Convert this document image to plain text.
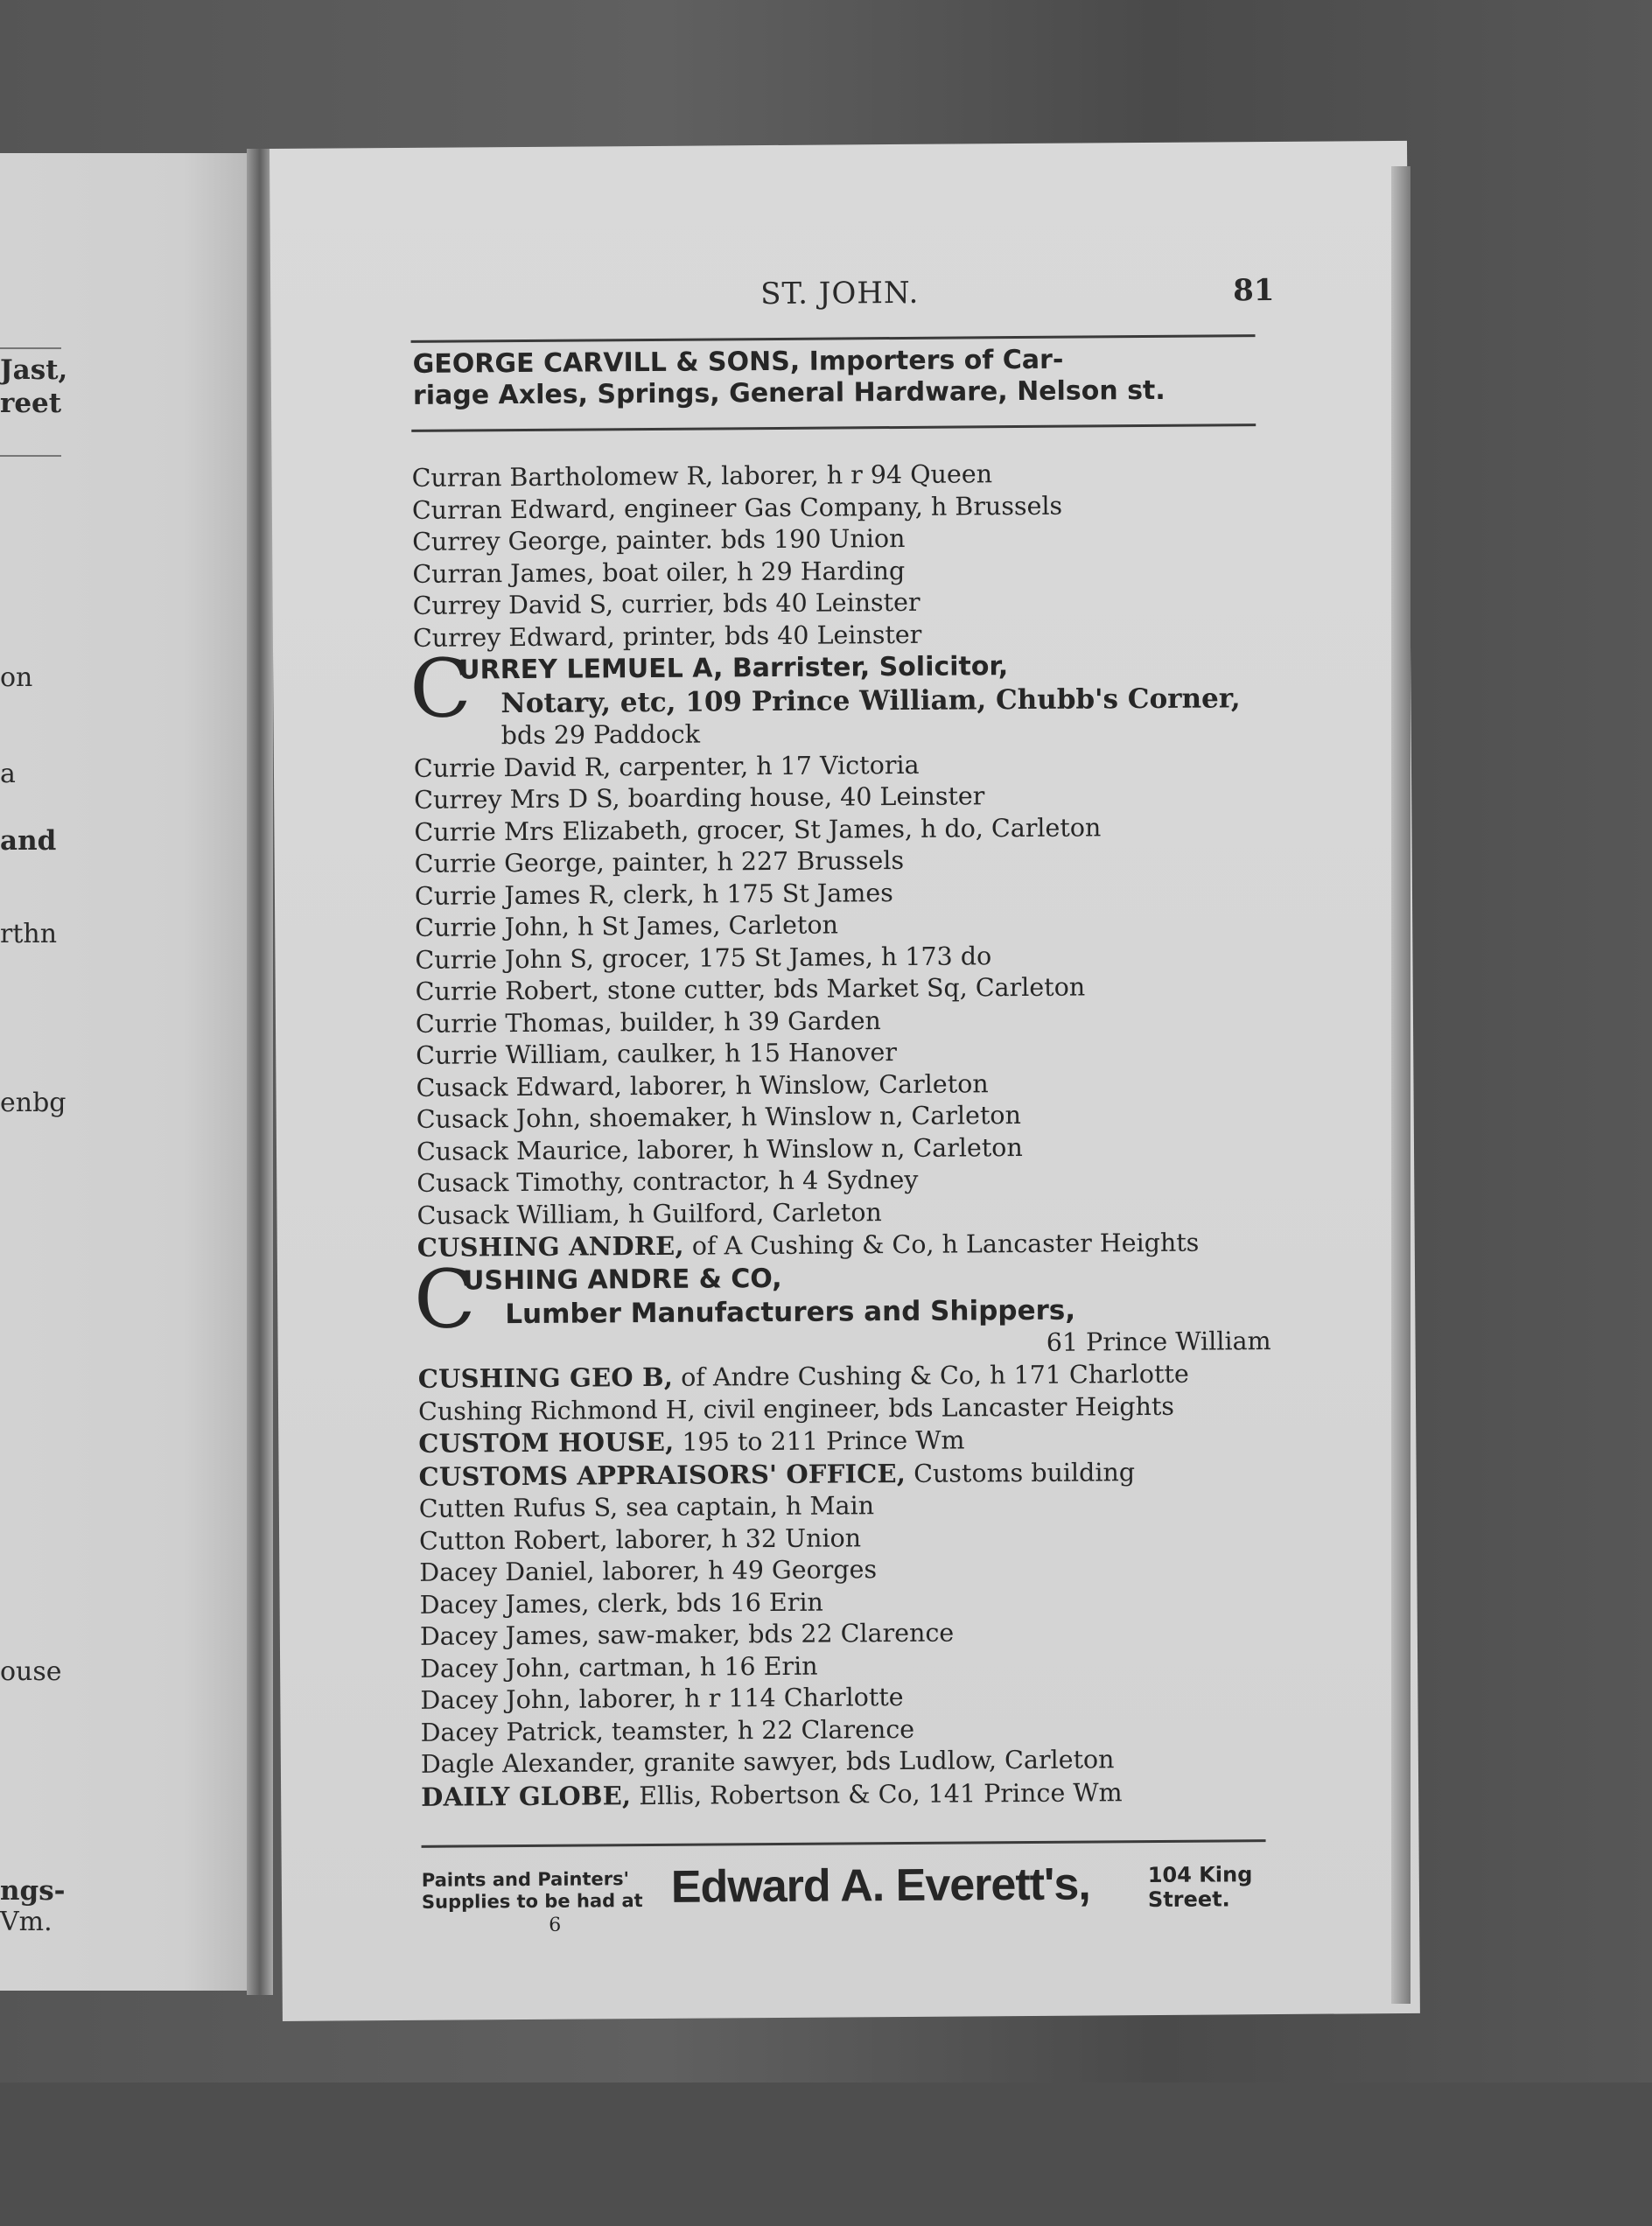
Jast,
reet
on
a
and
rthn
enbg
ouse
ngs-
Vm.
ST. JOHN.	81
GEORGE CARVILL & SONS, Importers of Car-
riage Axles, Springs, General Hardware, Nelson st.
Curran Bartholomew R, laborer, h r 94 Queen
Curran Edward, engineer Gas Company, h Brussels
Currey George, painter. bds 190 Union
Curran James, boat oiler, h 29 Harding
Currey David S, currier, bds 40 Leinster
Currey Edward, printer, bds 40 Leinster
C
URREY LEMUEL A, Barrister, Solicitor,
Notary, etc, 109 Prince William, Chubb's Corner,
bds 29 Paddock
Currie David R, carpenter, h 17 Victoria
Currey Mrs D S, boarding house, 40 Leinster
Currie Mrs Elizabeth, grocer, St James, h do, Carleton
Currie George, painter, h 227 Brussels
Currie James R, clerk, h 175 St James
Currie John, h St James, Carleton
Currie John S, grocer, 175 St James, h 173 do
Currie Robert, stone cutter, bds Market Sq, Carleton
Currie Thomas, builder, h 39 Garden
Currie William, caulker, h 15 Hanover
Cusack Edward, laborer, h Winslow, Carleton
Cusack John, shoemaker, h Winslow n, Carleton
Cusack Maurice, laborer, h Winslow n, Carleton
Cusack Timothy, contractor, h 4 Sydney
Cusack William, h Guilford, Carleton
CUSHING ANDRE, of A Cushing & Co, h Lancaster Heights
C
USHING ANDRE & CO,
Lumber Manufacturers and Shippers,
61 Prince William
CUSHING GEO B, of Andre Cushing & Co, h 171 Charlotte
Cushing Richmond H, civil engineer, bds Lancaster Heights
CUSTOM HOUSE, 195 to 211 Prince Wm
CUSTOMS APPRAISORS' OFFICE, Customs building
Cutten Rufus S, sea captain, h Main
Cutton Robert, laborer, h 32 Union
Dacey Daniel, laborer, h 49 Georges
Dacey James, clerk, bds 16 Erin
Dacey James, saw-maker, bds 22 Clarence
Dacey John, cartman, h 16 Erin
Dacey John, laborer, h r 114 Charlotte
Dacey Patrick, teamster, h 22 Clarence
Dagle Alexander, granite sawyer, bds Ludlow, Carleton
DAILY GLOBE, Ellis, Robertson & Co, 141 Prince Wm
Paints and Painters'
Supplies to be had at Edward A. Everett's,	104 King
Street.
6
